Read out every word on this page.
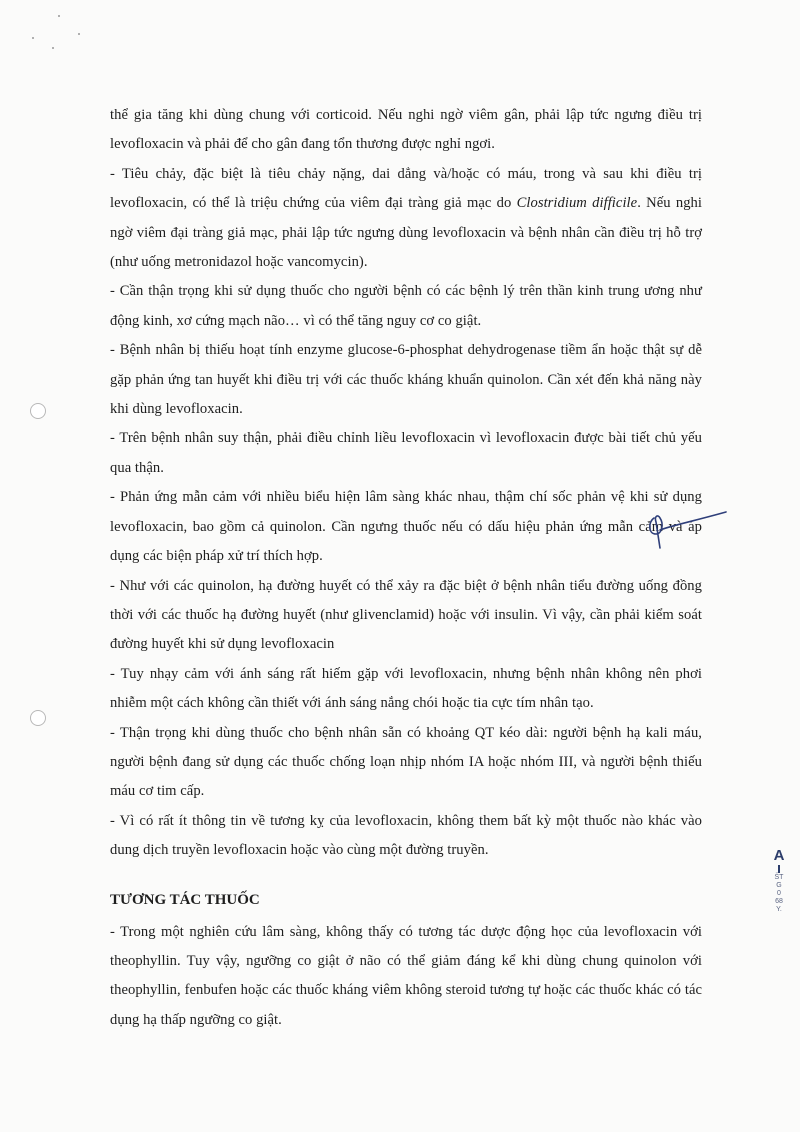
thể gia tăng khi dùng chung với corticoid. Nếu nghi ngờ viêm gân, phải lập tức ngưng điều trị levofloxacin và phải để cho gân đang tổn thương được nghỉ ngơi.

- Tiêu chảy, đặc biệt là tiêu chảy nặng, dai dẳng và/hoặc có máu, trong và sau khi điều trị levofloxacin, có thể là triệu chứng của viêm đại tràng giả mạc do Clostridium difficile. Nếu nghi ngờ viêm đại tràng giả mạc, phải lập tức ngưng dùng levofloxacin và bệnh nhân cần điều trị hỗ trợ (như uống metronidazol hoặc vancomycin).

- Cần thận trọng khi sử dụng thuốc cho người bệnh có các bệnh lý trên thần kinh trung ương như động kinh, xơ cứng mạch não… vì có thể tăng nguy cơ co giật.

- Bệnh nhân bị thiếu hoạt tính enzyme glucose-6-phosphat dehydrogenase tiềm ẩn hoặc thật sự dễ gặp phản ứng tan huyết khi điều trị với các thuốc kháng khuẩn quinolon. Cần xét đến khả năng này khi dùng levofloxacin.

- Trên bệnh nhân suy thận, phải điều chỉnh liều levofloxacin vì levofloxacin được bài tiết chủ yếu qua thận.

- Phản ứng mẫn cảm với nhiều biểu hiện lâm sàng khác nhau, thậm chí sốc phản vệ khi sử dụng levofloxacin, bao gồm cả quinolon. Cần ngưng thuốc nếu có dấu hiệu phản ứng mẫn cảm và áp dụng các biện pháp xử trí thích hợp.

- Như với các quinolon, hạ đường huyết có thể xảy ra đặc biệt ở bệnh nhân tiểu đường uống đồng thời với các thuốc hạ đường huyết (như glivenclamid) hoặc với insulin. Vì vậy, cần phải kiểm soát đường huyết khi sử dụng levofloxacin

- Tuy nhạy cảm với ánh sáng rất hiếm gặp với levofloxacin, nhưng bệnh nhân không nên phơi nhiễm một cách không cần thiết với ánh sáng nắng chói hoặc tia cực tím nhân tạo.

- Thận trọng khi dùng thuốc cho bệnh nhân sẵn có khoảng QT kéo dài: người bệnh hạ kali máu, người bệnh đang sử dụng các thuốc chống loạn nhịp nhóm IA hoặc nhóm III, và người bệnh thiếu máu cơ tim cấp.

- Vì có rất ít thông tin về tương kỵ của levofloxacin, không them bất kỳ một thuốc nào khác vào dung dịch truyền levofloxacin hoặc vào cùng một đường truyền.

TƯƠNG TÁC THUỐC

- Trong một nghiên cứu lâm sàng, không thấy có tương tác dược động học của levofloxacin với theophyllin. Tuy vậy, ngưỡng co giật ở não có thể giảm đáng kể khi dùng chung quinolon với theophyllin, fenbufen hoặc các thuốc kháng viêm không steroid tương tự hoặc các thuốc khác có tác dụng hạ thấp ngưỡng co giật.

A
ŠT
G
0
68
Y.
